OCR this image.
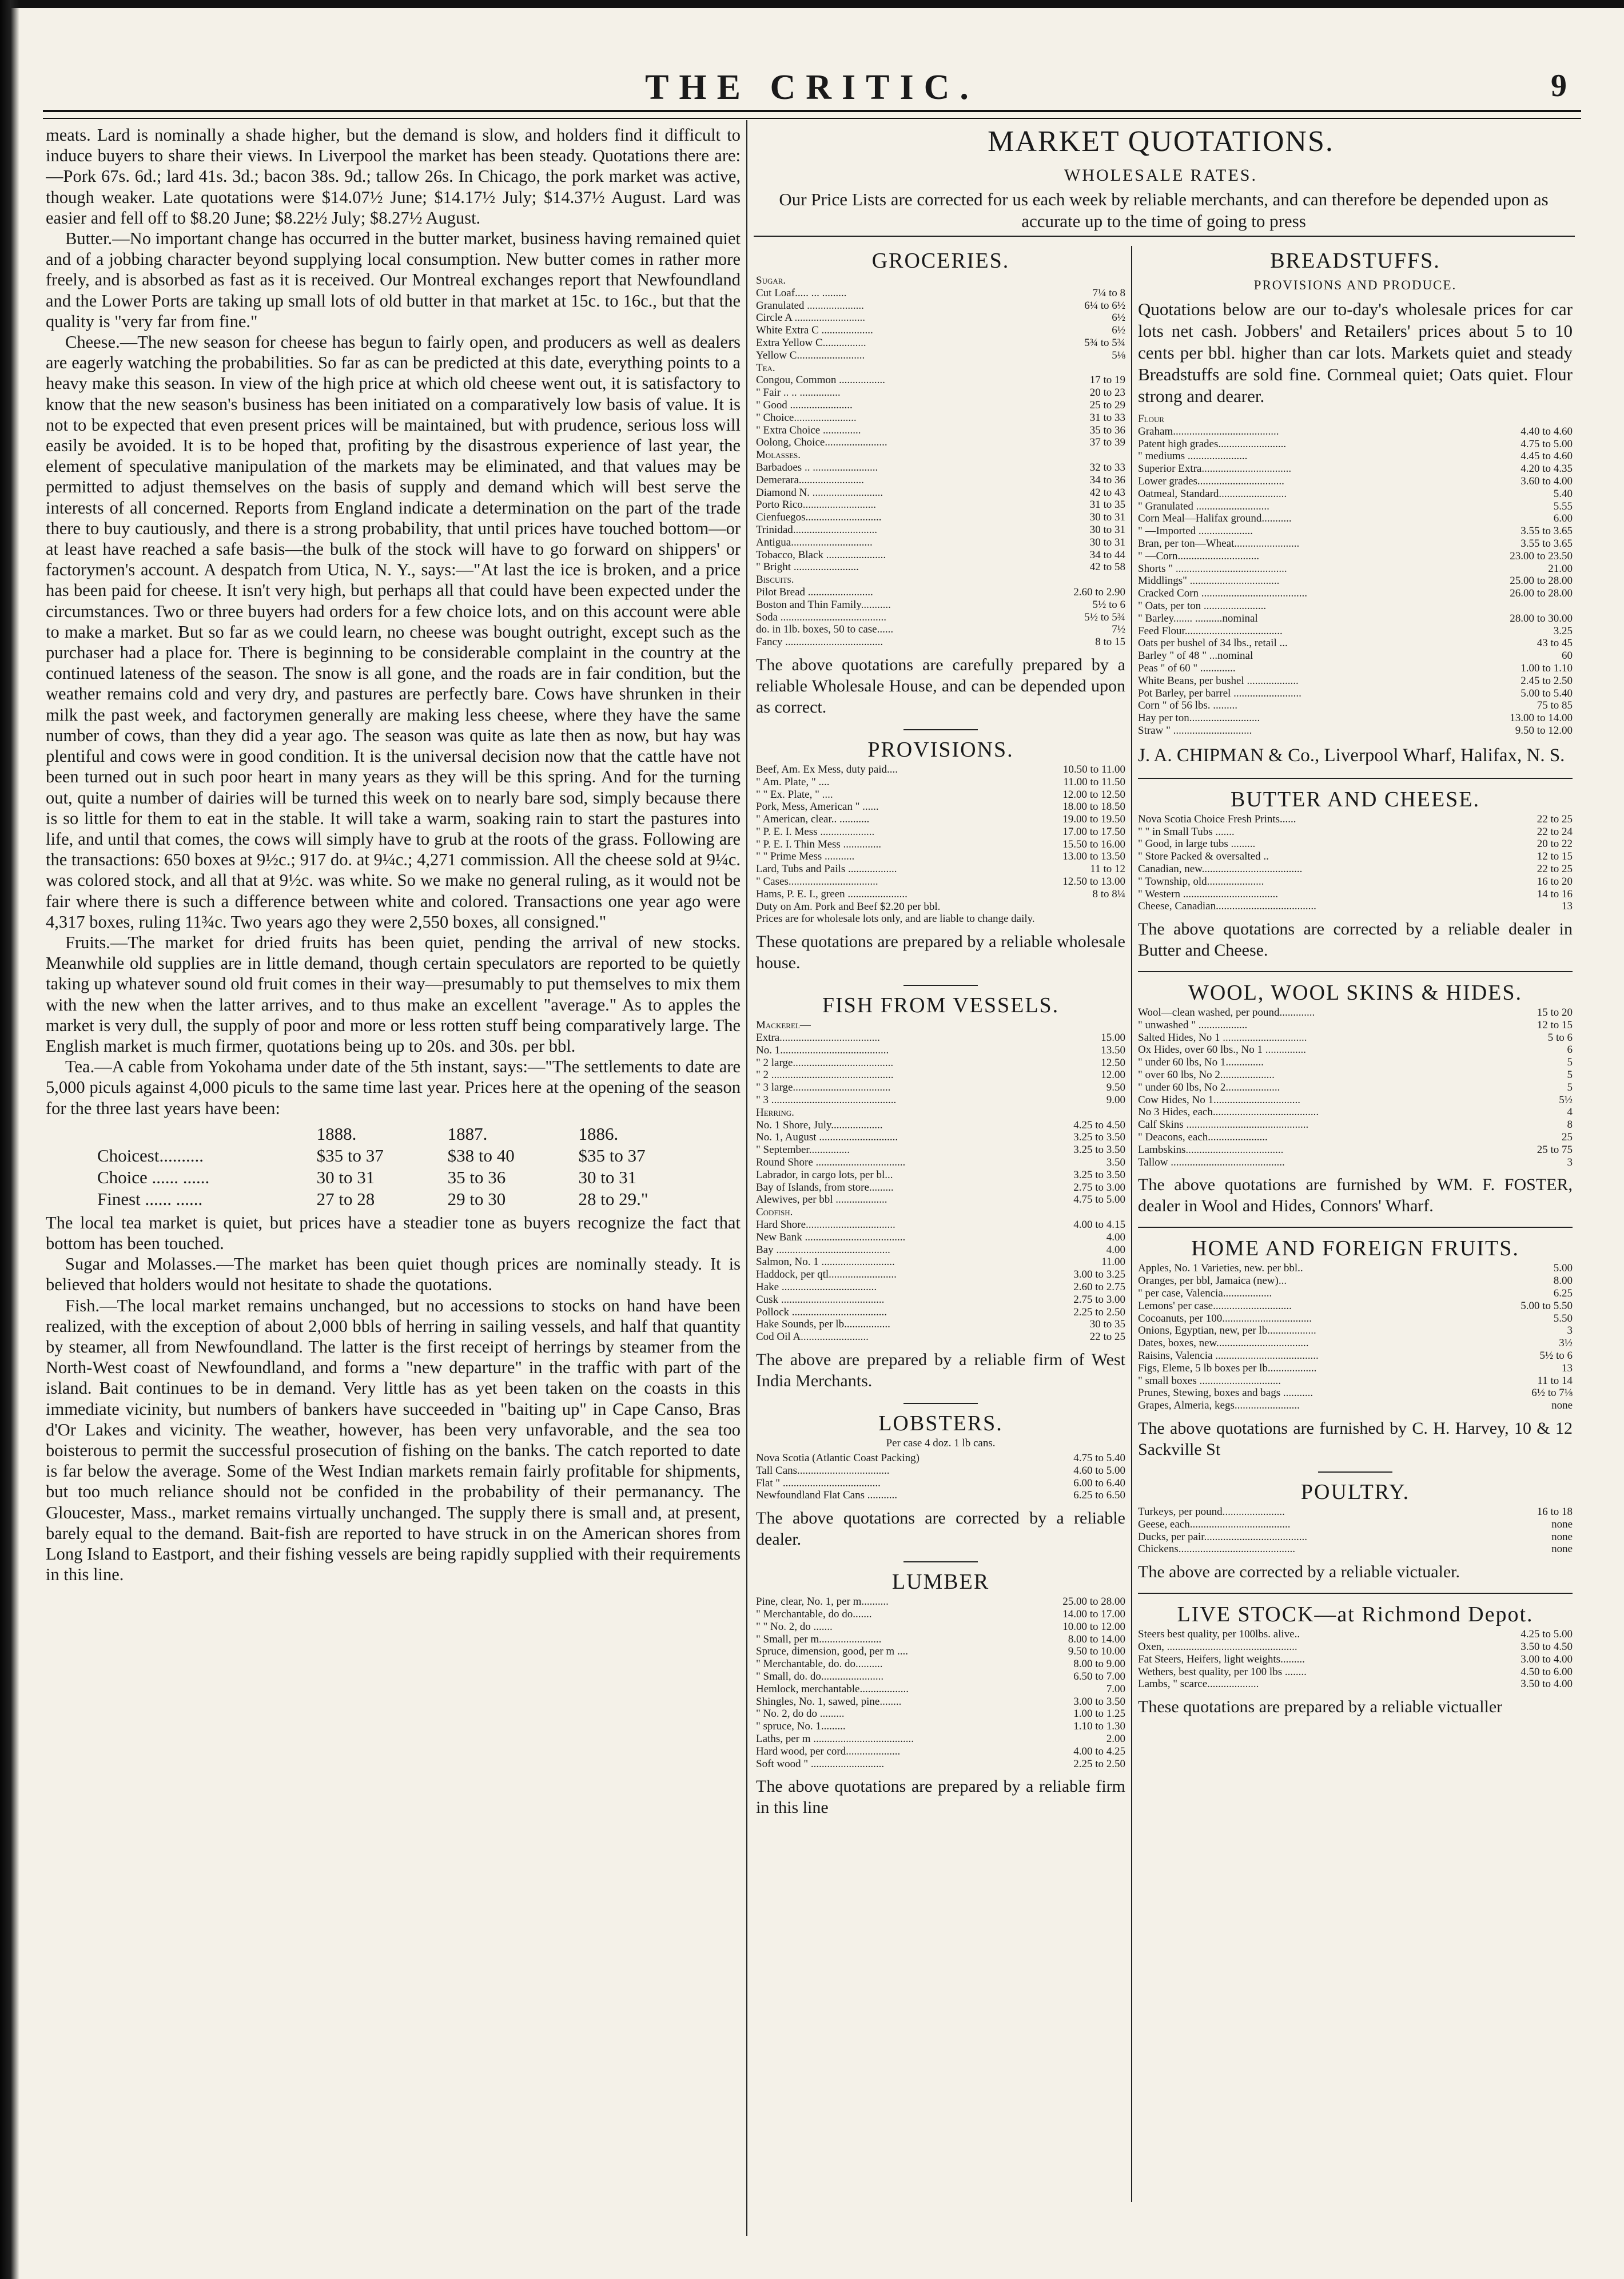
THE CRITIC.	9

meats. Lard is nominally a shade higher, but the demand is slow, and holders find it difficult to induce buyers to share their views. In Liverpool the market has been steady. Quotations there are:—Pork 67s. 6d.; lard 41s. 3d.; bacon 38s. 9d.; tallow 26s. In Chicago, the pork market was active, though weaker. Late quotations were $14.07½ June; $14.17½ July; $14.37½ August. Lard was easier and fell off to $8.20 June; $8.22½ July; $8.27½ August.

Butter.—No important change has occurred in the butter market, business having remained quiet and of a jobbing character beyond supplying local consumption. New butter comes in rather more freely, and is absorbed as fast as it is received. Our Montreal exchanges report that Newfoundland and the Lower Ports are taking up small lots of old butter in that market at 15c. to 16c., but that the quality is "very far from fine."

Cheese.—The new season for cheese has begun to fairly open, and producers as well as dealers are eagerly watching the probabilities. So far as can be predicted at this date, everything points to a heavy make this season. In view of the high price at which old cheese went out, it is satisfactory to know that the new season's business has been initiated on a comparatively low basis of value. It is not to be expected that even present prices will be maintained, but with prudence, serious loss will easily be avoided. It is to be hoped that, profiting by the disastrous experience of last year, the element of speculative manipulation of the markets may be eliminated, and that values may be permitted to adjust themselves on the basis of supply and demand which will best serve the interests of all concerned. Reports from England indicate a determination on the part of the trade there to buy cautiously, and there is a strong probability, that until prices have touched bottom—or at least have reached a safe basis—the bulk of the stock will have to go forward on shippers' or factorymen's account. A despatch from Utica, N. Y., says:—"At last the ice is broken, and a price has been paid for cheese. It isn't very high, but perhaps all that could have been expected under the circumstances. Two or three buyers had orders for a few choice lots, and on this account were able to make a market. But so far as we could learn, no cheese was bought outright, except such as the purchaser had a place for. There is beginning to be considerable complaint in the country at the continued lateness of the season. The snow is all gone, and the roads are in fair condition, but the weather remains cold and very dry, and pastures are perfectly bare. Cows have shrunken in their milk the past week, and factorymen generally are making less cheese, where they have the same number of cows, than they did a year ago. The season was quite as late then as now, but hay was plentiful and cows were in good condition. It is the universal decision now that the cattle have not been turned out in such poor heart in many years as they will be this spring. And for the turning out, quite a number of dairies will be turned this week on to nearly bare sod, simply because there is so little for them to eat in the stable. It will take a warm, soaking rain to start the pastures into life, and until that comes, the cows will simply have to grub at the roots of the grass. Following are the transactions: 650 boxes at 9½c.; 917 do. at 9¼c.; 4,271 commission. All the cheese sold at 9¼c. was colored stock, and all that at 9½c. was white. So we make no general ruling, as it would not be fair where there is such a difference between white and colored. Transactions one year ago were 4,317 boxes, ruling 11¾c. Two years ago they were 2,550 boxes, all consigned."

Fruits.—The market for dried fruits has been quiet, pending the arrival of new stocks. Meanwhile old supplies are in little demand, though certain speculators are reported to be quietly taking up whatever sound old fruit comes in their way—presumably to put themselves to mix them with the new when the latter arrives, and to thus make an excellent "average." As to apples the market is very dull, the supply of poor and more or less rotten stuff being comparatively large. The English market is much firmer, quotations being up to 20s. and 30s. per bbl.

Tea.—A cable from Yokohama under date of the 5th instant, says:—"The settlements to date are 5,000 piculs against 4,000 piculs to the same time last year. Prices here at the opening of the season for the three last years have been:

	1888.	1887.	1886.
Choicest..........	$35 to 37	$38 to 40	$35 to 37
Choice ...... ......	30 to 31	35 to 36	30 to 31
Finest ...... ......	27 to 28	29 to 30	28 to 29."

The local tea market is quiet, but prices have a steadier tone as buyers recognize the fact that bottom has been touched.

Sugar and Molasses.—The market has been quiet though prices are nominally steady. It is believed that holders would not hesitate to shade the quotations.

Fish.—The local market remains unchanged, but no accessions to stocks on hand have been realized, with the exception of about 2,000 bbls of herring in sailing vessels, and half that quantity by steamer, all from Newfoundland. The latter is the first receipt of herrings by steamer from the North-West coast of Newfoundland, and forms a "new departure" in the traffic with part of the island. Bait continues to be in demand. Very little has as yet been taken on the coasts in this immediate vicinity, but numbers of bankers have succeeded in "baiting up" in Cape Canso, Bras d'Or Lakes and vicinity. The weather, however, has been very unfavorable, and the sea too boisterous to permit the successful prosecution of fishing on the banks. The catch reported to date is far below the average. Some of the West Indian markets remain fairly profitable for shipments, but too much reliance should not be confided in the probability of their permanancy. The Gloucester, Mass., market remains virtually unchanged. The supply there is small and, at present, barely equal to the demand. Bait-fish are reported to have struck in on the American shores from Long Island to Eastport, and their fishing vessels are being rapidly supplied with their requirements in this line.

MARKET QUOTATIONS.
WHOLESALE RATES.
Our Price Lists are corrected for us each week by reliable merchants, and can therefore be depended upon as accurate up to the time of going to press
GROCERIES.
Sugar.	
Cut Loaf..... ... .........	7¼ to 8
Granulated .....................	6¼ to 6½
Circle A ..........................	6½
White Extra C ...................	6½
Extra Yellow C................	5¾ to 5¾
Yellow C.........................	5⅛
Tea.	
Congou, Common .................	17 to 19
" Fair .. .. ...............	20 to 23
" Good .......................	25 to 29
" Choice.......................	31 to 33
" Extra Choice ..............	35 to 36
Oolong, Choice.......................	37 to 39
Molasses.	
Barbadoes .. ........................	32 to 33
Demerara........................	34 to 36
Diamond N. ..........................	42 to 43
Porto Rico...........................	31 to 35
Cienfuegos............................	30 to 31
Trinidad...............................	30 to 31
Antigua..............................	30 to 31
Tobacco, Black ......................	34 to 44
" Bright ........................	42 to 58
Biscuits.	
Pilot Bread ........................	2.60 to 2.90
Boston and Thin Family...........	5½ to 6
Soda .......................................	5½ to 5¾
do. in 1lb. boxes, 50 to case......	7½
Fancy ....................................	8 to 15
The above quotations are carefully prepared by a reliable Wholesale House, and can be depended upon as correct.
PROVISIONS.
Beef, Am. Ex Mess, duty paid....	10.50 to 11.00
" Am. Plate, " ....	11.00 to 11.50
" " Ex. Plate, " ....	12.00 to 12.50
Pork, Mess, American " ......	18.00 to 18.50
" American, clear.. ...........	19.00 to 19.50
" P. E. I. Mess ....................	17.00 to 17.50
" P. E. I. Thin Mess ..............	15.50 to 16.00
" " Prime Mess ...........	13.00 to 13.50
Lard, Tubs and Pails ..................	11 to 12
" Cases.................................	12.50 to 13.00
Hams, P. E. I., green ......................	8 to 8¼
Duty on Am. Pork and Beef $2.20 per bbl.	
Prices are for wholesale lots only, and are liable to change daily.	
These quotations are prepared by a reliable wholesale house.
FISH FROM VESSELS.
Mackerel—	
Extra.....................................	15.00
No. 1........................................	13.50
" 2 large.....................................	12.50
" 2 .............................................	12.00
" 3 large....................................	9.50
" 3 ..............................................	9.00
Herring.	
No. 1 Shore, July...................	4.25 to 4.50
No. 1, August .............................	3.25 to 3.50
" September...............	3.25 to 3.50
Round Shore .................................	3.50
Labrador, in cargo lots, per bl...	3.25 to 3.50
Bay of Islands, from store.........	2.75 to 3.00
Alewives, per bbl ...................	4.75 to 5.00
Codfish.	
Hard Shore.................................	4.00 to 4.15
New Bank .....................................	4.00
Bay ..........................................	4.00
Salmon, No. 1 ...........................	11.00
Haddock, per qtl.........................	3.00 to 3.25
Hake ...................................	2.60 to 2.75
Cusk ......................................	2.75 to 3.00
Pollock ...................................	2.25 to 2.50
Hake Sounds, per lb.................	30 to 35
Cod Oil A.........................	22 to 25
The above are prepared by a reliable firm of West India Merchants.
LOBSTERS.
Per case 4 doz. 1 lb cans.
Nova Scotia (Atlantic Coast Packing)	4.75 to 5.40
Tall Cans..................................	4.60 to 5.00
Flat " ....................................	6.00 to 6.40
Newfoundland Flat Cans ...........	6.25 to 6.50
The above quotations are corrected by a reliable dealer.
LUMBER
Pine, clear, No. 1, per m..........	25.00 to 28.00
" Merchantable, do do.......	14.00 to 17.00
" " No. 2, do .......	10.00 to 12.00
" Small, per m.......................	8.00 to 14.00
Spruce, dimension, good, per m ....	9.50 to 10.00
" Merchantable, do. do..........	8.00 to 9.00
" Small, do. do.......................	6.50 to 7.00
Hemlock, merchantable..................	7.00
Shingles, No. 1, sawed, pine........	3.00 to 3.50
" No. 2, do do .........	1.00 to 1.25
" spruce, No. 1.........	1.10 to 1.30
Laths, per m .....................................	2.00
Hard wood, per cord....................	4.00 to 4.25
Soft wood " ...........................	2.25 to 2.50
The above quotations are prepared by a reliable firm in this line
BREADSTUFFS.
PROVISIONS AND PRODUCE.
Quotations below are our to-day's wholesale prices for car lots net cash. Jobbers' and Retailers' prices about 5 to 10 cents per bbl. higher than car lots. Markets quiet and steady Breadstuffs are sold fine. Cornmeal quiet; Oats quiet. Flour strong and dearer.
Flour	
Graham.......................................	4.40 to 4.60
Patent high grades.........................	4.75 to 5.00
" mediums ......................	4.45 to 4.60
Superior Extra.................................	4.20 to 4.35
Lower grades................................	3.60 to 4.00
Oatmeal, Standard.........................	5.40
" Granulated ...........................	5.55
Corn Meal—Halifax ground...........	6.00
" —Imported ....................	3.55 to 3.65
Bran, per ton—Wheat........................	3.55 to 3.65
" —Corn..............................	23.00 to 23.50
Shorts " .........................................	21.00
Middlings" .................................	25.00 to 28.00
Cracked Corn .......................................	26.00 to 28.00
" Oats, per ton .......................	
" Barley....... ..........nominal	28.00 to 30.00
Feed Flour....................................	3.25
Oats per bushel of 34 lbs., retail ...	43 to 45
Barley " of 48 " ...nominal	60
Peas " of 60 " .............	1.00 to 1.10
White Beans, per bushel ...................	2.45 to 2.50
Pot Barley, per barrel .........................	5.00 to 5.40
Corn " of 56 lbs. .........	75 to 85
Hay per ton..........................	13.00 to 14.00
Straw " .............................	9.50 to 12.00
J. A. CHIPMAN & Co., Liverpool Wharf, Halifax, N. S.
BUTTER AND CHEESE.
Nova Scotia Choice Fresh Prints......	22 to 25
" " in Small Tubs .......	22 to 24
" Good, in large tubs .........	20 to 22
" Store Packed & oversalted ..	12 to 15
Canadian, new.....................................	22 to 25
" Township, old.....................	16 to 20
" Western ...................................	14 to 16
Cheese, Canadian.....................................	13
The above quotations are corrected by a reliable dealer in Butter and Cheese.
WOOL, WOOL SKINS & HIDES.
Wool—clean washed, per pound.............	15 to 20
" unwashed " ..................	12 to 15
Salted Hides, No 1 ...............................	5 to 6
Ox Hides, over 60 lbs., No 1 ...............	6
" under 60 lbs, No 1..............	5
" over 60 lbs, No 2....................	5
" under 60 lbs, No 2....................	5
Cow Hides, No 1................................	5½
No 3 Hides, each.......................................	4
Calf Skins .............................................	8
" Deacons, each......................	25
Lambskins....................................	25 to 75
Tallow ..........................................	3
The above quotations are furnished by WM. F. FOSTER, dealer in Wool and Hides, Connors' Wharf.
HOME AND FOREIGN FRUITS.
Apples, No. 1 Varieties, new. per bbl..	5.00
Oranges, per bbl, Jamaica (new)...	8.00
" per case, Valencia..................	6.25
Lemons' per case.............................	5.00 to 5.50
Cocoanuts, per 100.................................	5.50
Onions, Egyptian, new, per lb..................	3
Dates, boxes, new..................................	3½
Raisins, Valencia ......................................	5½ to 6
Figs, Eleme, 5 lb boxes per lb..................	13
" small boxes ..............................	11 to 14
Prunes, Stewing, boxes and bags ...........	6½ to 7⅛
Grapes, Almeria, kegs........................	none
The above quotations are furnished by C. H. Harvey, 10 & 12 Sackville St
POULTRY.
Turkeys, per pound.......................	16 to 18
Geese, each.....................................	none
Ducks, per pair......................................	none
Chickens...........................................	none
The above are corrected by a reliable victualer.
LIVE STOCK—at Richmond Depot.
Steers best quality, per 100lbs. alive..	4.25 to 5.00
Oxen, ................................................	3.50 to 4.50
Fat Steers, Heifers, light weights.........	3.00 to 4.00
Wethers, best quality, per 100 lbs ........	4.50 to 6.00
Lambs, " scarce...................	3.50 to 4.00
These quotations are prepared by a reliable victualler
